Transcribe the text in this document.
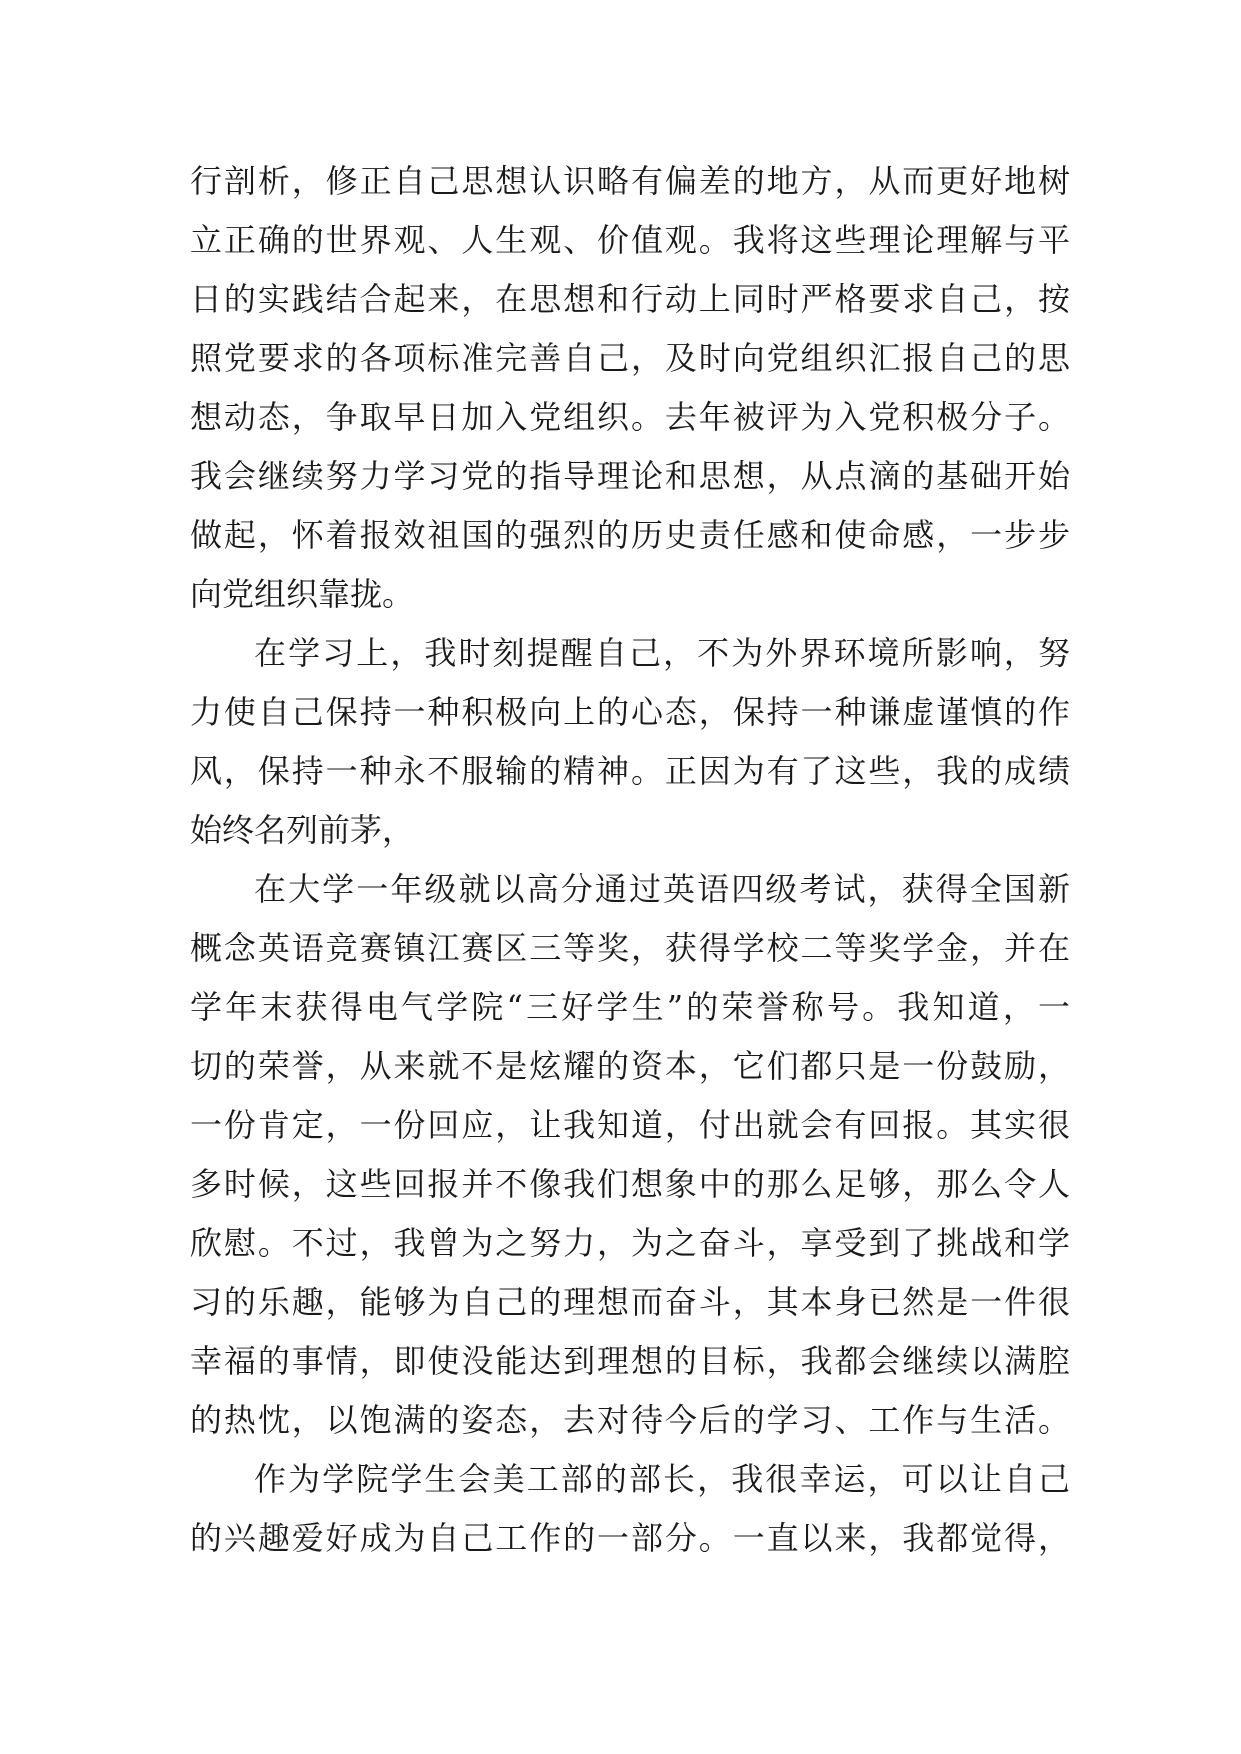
行剖析，修正自己思想认识略有偏差的地方，从而更好地树
立正确的世界观、人生观、价值观。我将这些理论理解与平
日的实践结合起来，在思想和行动上同时严格要求自己，按
照党要求的各项标准完善自己，及时向党组织汇报自己的思
想动态，争取早日加入党组织。去年被评为入党积极分子。
我会继续努力学习党的指导理论和思想，从点滴的基础开始
做起，怀着报效祖国的强烈的历史责任感和使命感，一步步
向党组织靠拢。
在学习上，我时刻提醒自己，不为外界环境所影响，努
力使自己保持一种积极向上的心态，保持一种谦虚谨慎的作
风，保持一种永不服输的精神。正因为有了这些，我的成绩
始终名列前茅，
在大学一年级就以高分通过英语四级考试，获得全国新
概念英语竞赛镇江赛区三等奖，获得学校二等奖学金，并在
学年末获得电气学院“三好学生”的荣誉称号。我知道，一
切的荣誉，从来就不是炫耀的资本，它们都只是一份鼓励，
一份肯定，一份回应，让我知道，付出就会有回报。其实很
多时候，这些回报并不像我们想象中的那么足够，那么令人
欣慰。不过，我曾为之努力，为之奋斗，享受到了挑战和学
习的乐趣，能够为自己的理想而奋斗，其本身已然是一件很
幸福的事情，即使没能达到理想的目标，我都会继续以满腔
的热忱，以饱满的姿态，去对待今后的学习、工作与生活。
作为学院学生会美工部的部长，我很幸运，可以让自己
的兴趣爱好成为自己工作的一部分。一直以来，我都觉得，
